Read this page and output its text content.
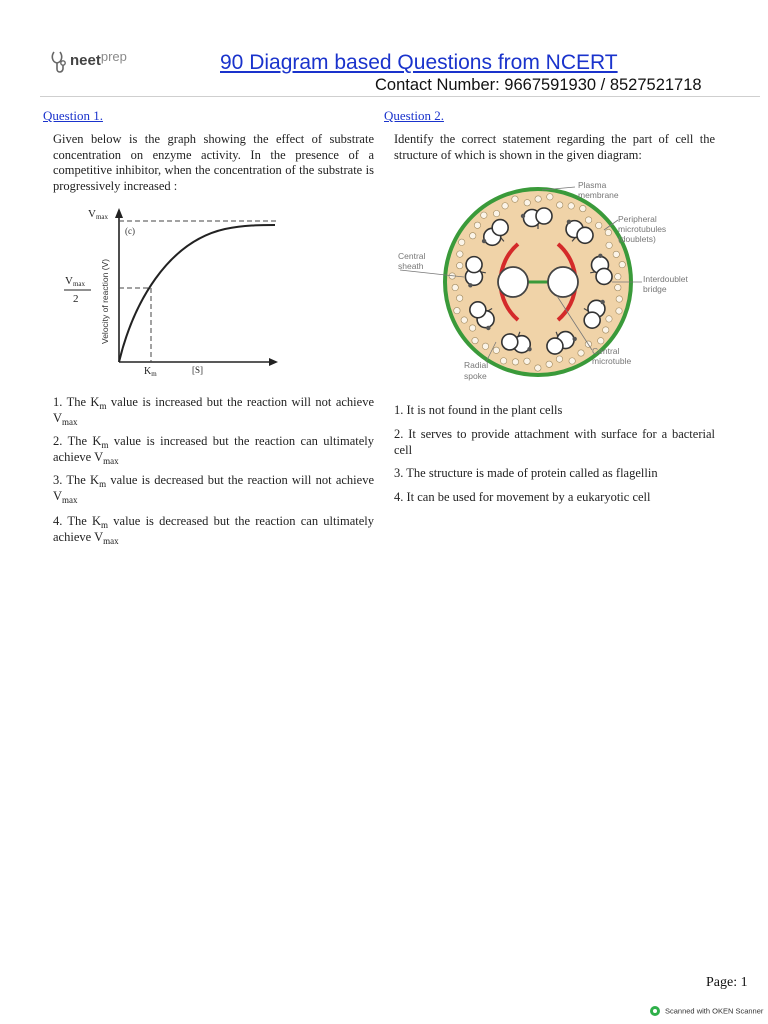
neetprep	90 Diagram based Questions from NCERT
Contact Number: 9667591930 / 8527521718
Question 1.

Given below is the graph showing the effect of substrate concentration on enzyme activity. In the presence of a competitive inhibitor, when the concentration of the substrate is progressively increased :

Vmax
Vmax
2
(c)
Velocity of reaction (V)
$K_m$	[S]

1. The $K_m$ value is increased but the reaction will not achieve $V_{max}$

2. The $K_m$ value is increased but the reaction can ultimately achieve $V_{max}$

3. The $K_m$ value is decreased but the reaction will not achieve $V_{max}$

4. The $K_m$ value is decreased but the reaction can ultimately achieve $V_{max}$

Question 2.

Identify the correct statement regarding the part of cell the structure of which is shown in the given diagram:

Plasma
membrane
Peripheral
microtubules
(doublets)
Central
sheath
Interdoublet
bridge
Radial
spoke
Central
microtuble

1. It is not found in the plant cells

2. It serves to provide attachment with surface for a bacterial cell

3. The structure is made of protein called as flagellin

4. It can be used for movement by a eukaryotic cell

Page: 1
Scanned with OKEN Scanner
